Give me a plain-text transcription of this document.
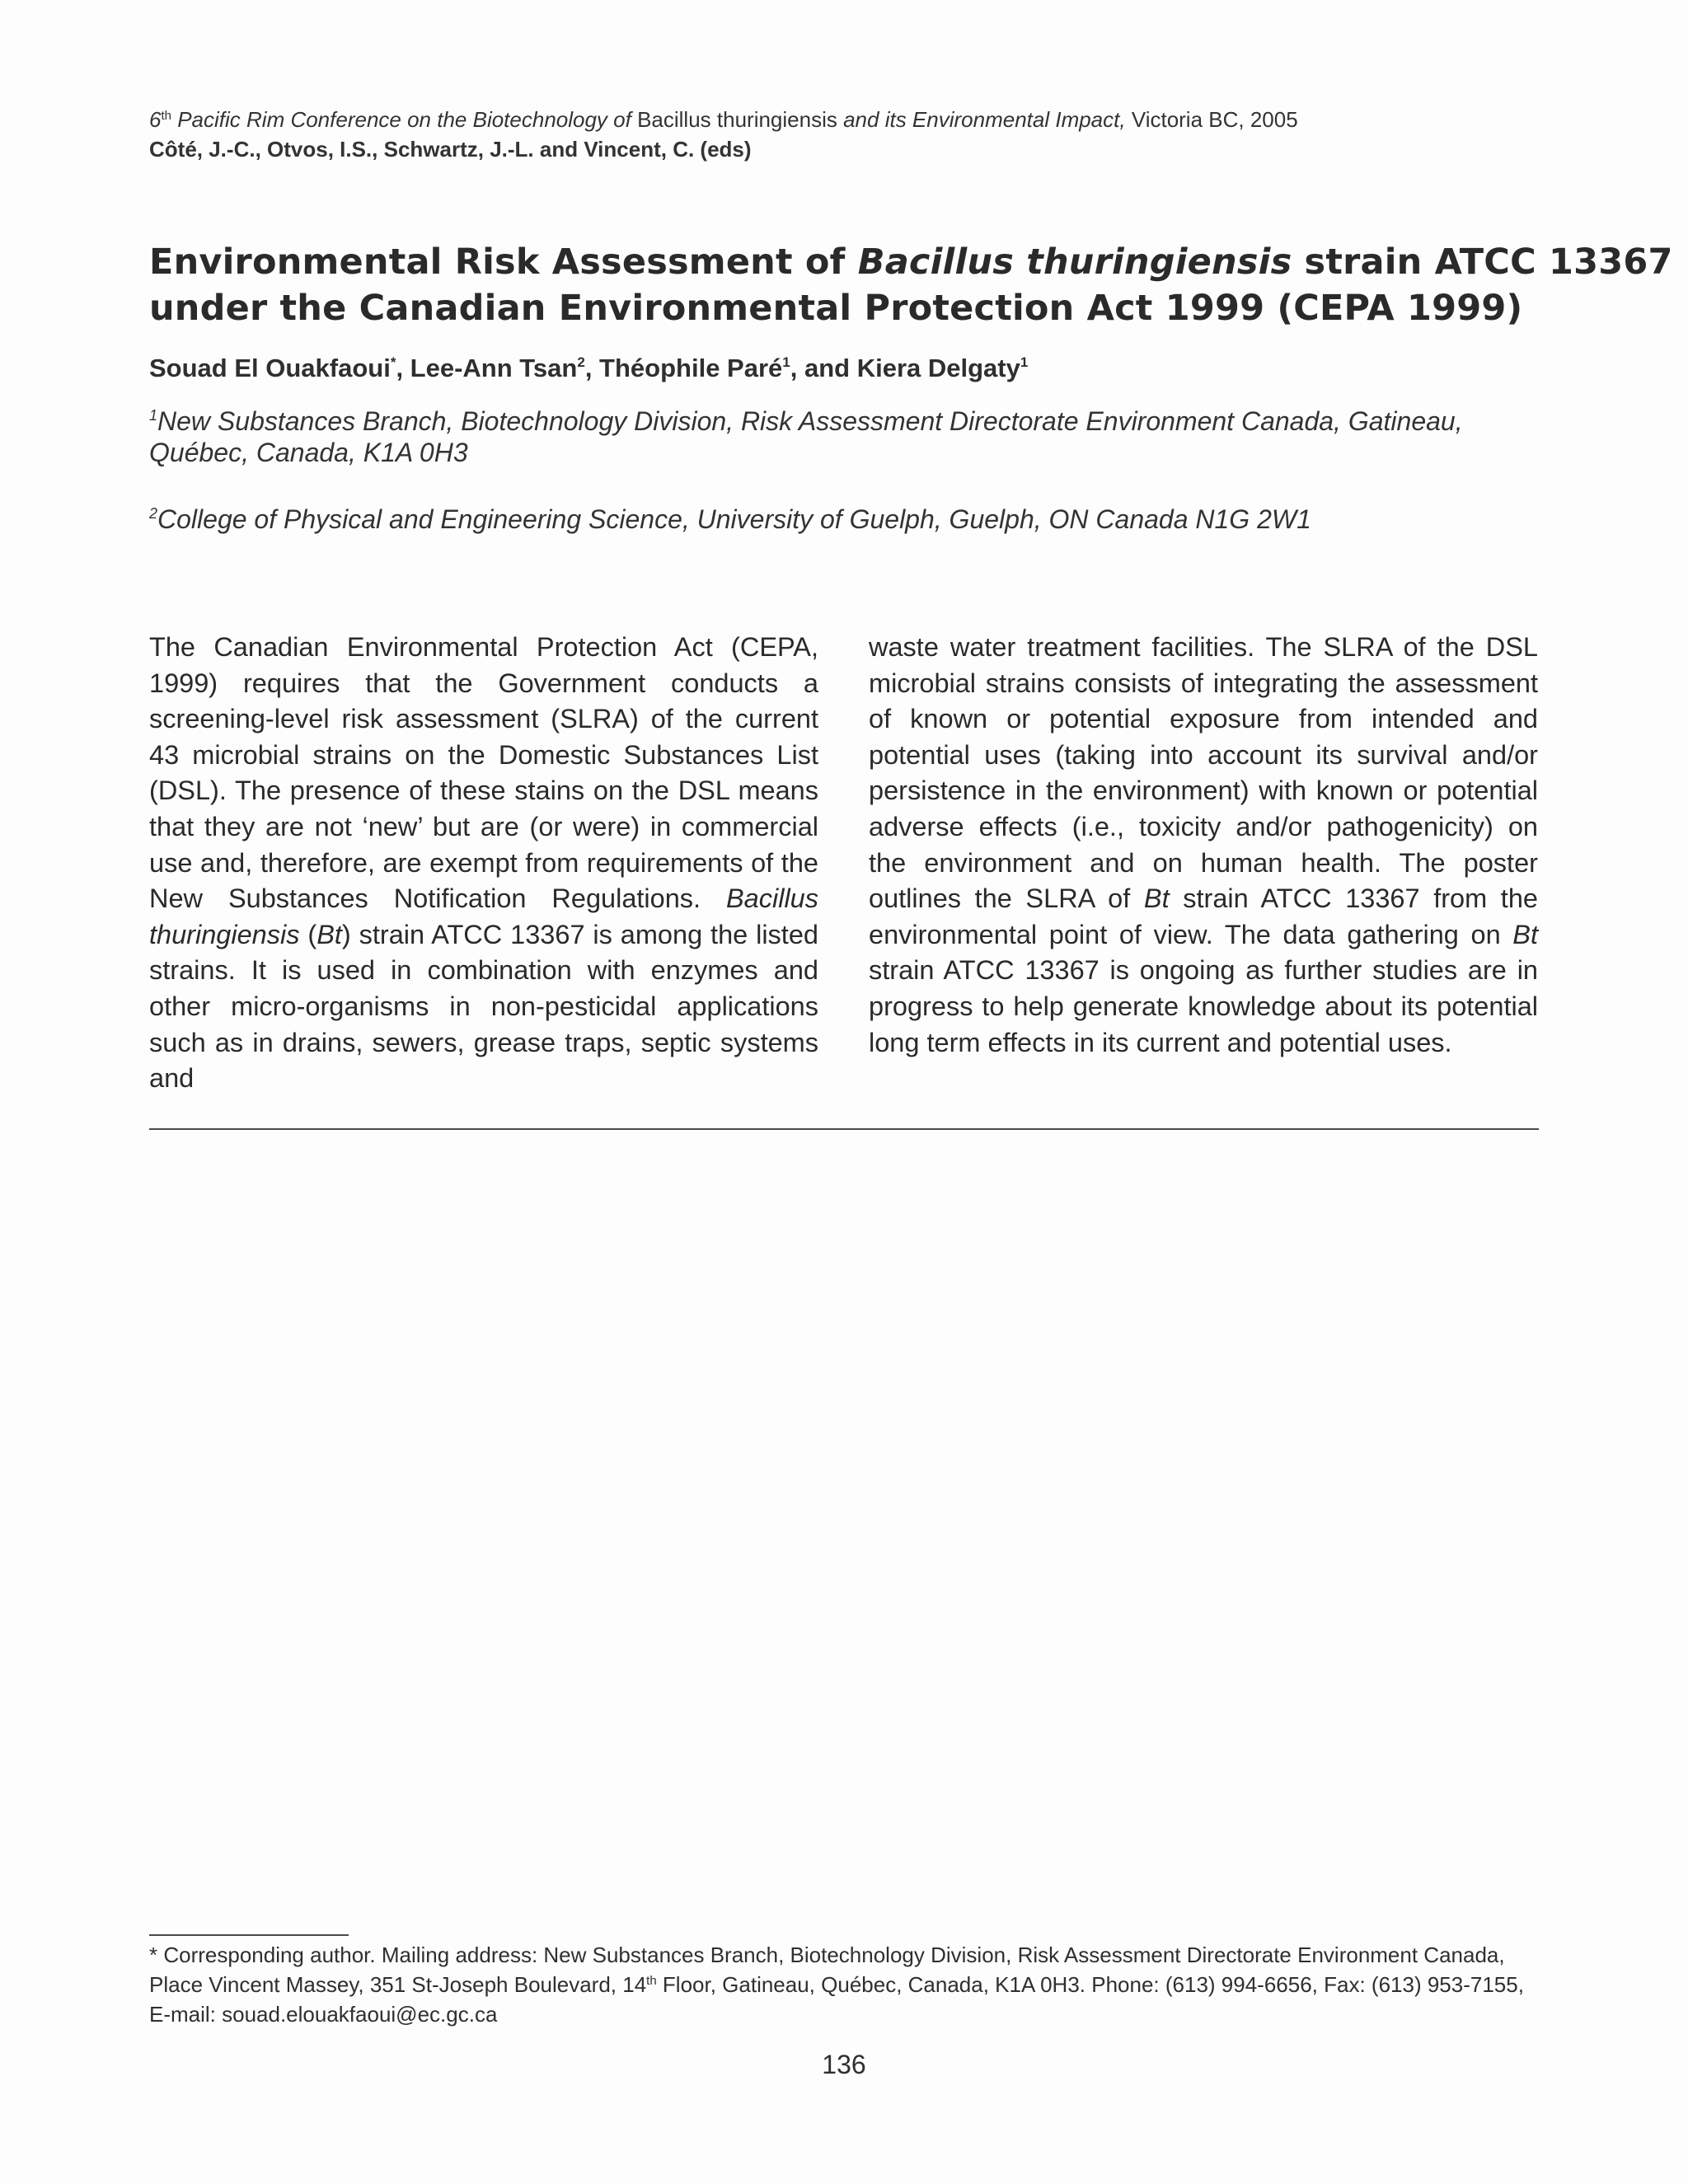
6th Pacific Rim Conference on the Biotechnology of Bacillus thuringiensis and its Environmental Impact, Victoria BC, 2005
Côté, J.-C., Otvos, I.S., Schwartz, J.-L. and Vincent, C. (eds)
Environmental Risk Assessment of Bacillus thuringiensis strain ATCC 13367
under the Canadian Environmental Protection Act 1999 (CEPA 1999)
Souad El Ouakfaoui*, Lee-Ann Tsan$^2$, Théophile Paré$^1$, and Kiera Delgaty$^1$
$^1$New Substances Branch, Biotechnology Division, Risk Assessment Directorate Environment Canada, Gatineau, Québec, Canada, K1A 0H3
$^2$College of Physical and Engineering Science, University of Guelph, Guelph, ON Canada N1G 2W1
The Canadian Environmental Protection Act (CEPA, 1999) requires that the Government conducts a screening-level risk assessment (SLRA) of the current 43 microbial strains on the Domestic Substances List (DSL). The presence of these stains on the DSL means that they are not ‘new’ but are (or were) in commercial use and, therefore, are exempt from requirements of the New Substances Notification Regulations. Bacillus thuringiensis (Bt) strain ATCC 13367 is among the listed strains. It is used in combination with enzymes and other micro-organisms in non-pesticidal applications such as in drains, sewers, grease traps, septic systems and
waste water treatment facilities. The SLRA of the DSL microbial strains consists of integrating the assessment of known or potential exposure from intended and potential uses (taking into account its survival and/or persistence in the environment) with known or potential adverse effects (i.e., toxicity and/or pathogenicity) on the environment and on human health. The poster outlines the SLRA of Bt strain ATCC 13367 from the environmental point of view. The data gathering on Bt strain ATCC 13367 is ongoing as further studies are in progress to help generate knowledge about its potential long term effects in its current and potential uses.
* Corresponding author. Mailing address: New Substances Branch, Biotechnology Division, Risk Assessment Directorate Environment Canada, Place Vincent Massey, 351 St-Joseph Boulevard, 14th Floor, Gatineau, Québec, Canada, K1A 0H3. Phone: (613) 994-6656, Fax: (613) 953-7155, E-mail: souad.elouakfaoui@ec.gc.ca
136
